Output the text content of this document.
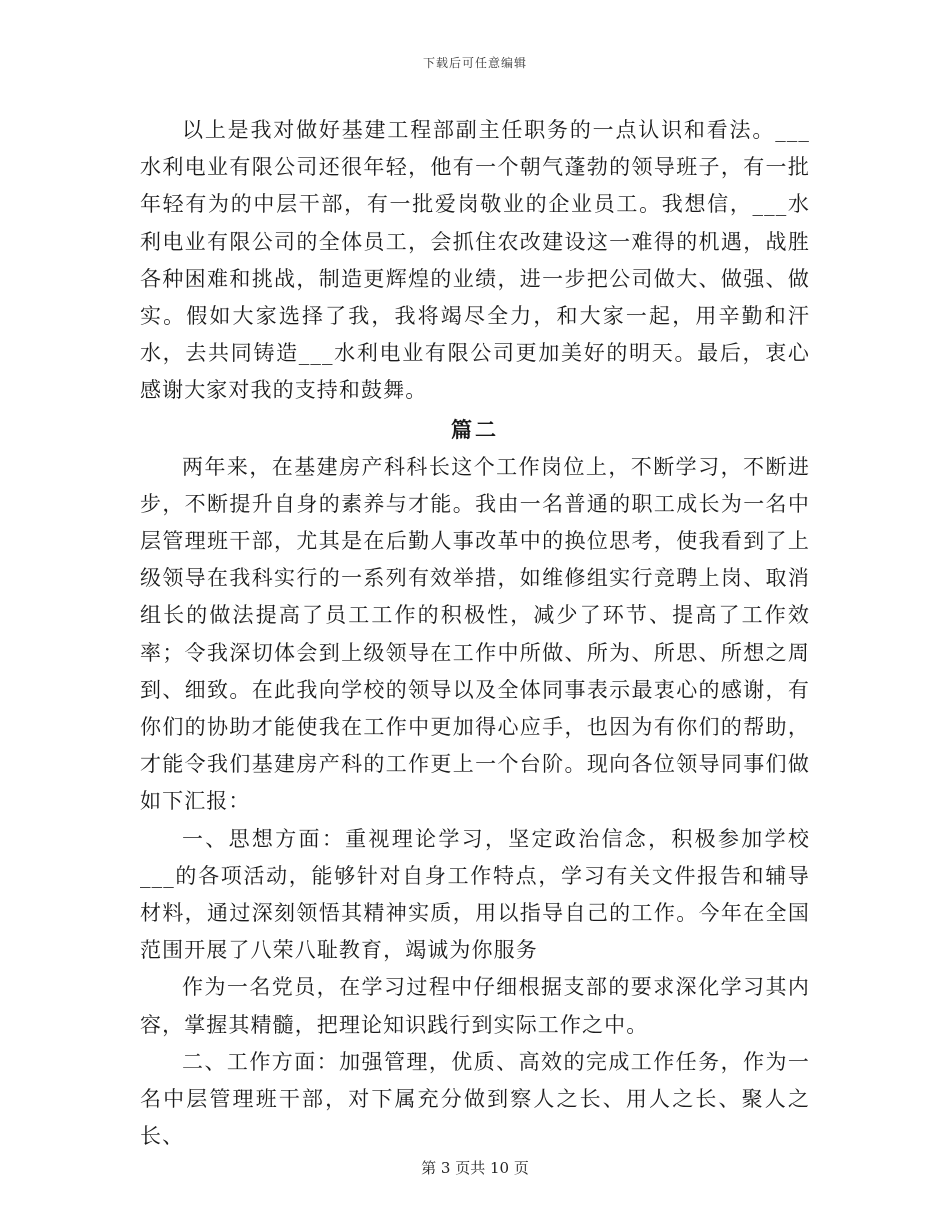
下载后可任意编辑

以上是我对做好基建工程部副主任职务的一点认识和看法。___水利电业有限公司还很年轻，他有一个朝气蓬勃的领导班子，有一批年轻有为的中层干部，有一批爱岗敬业的企业员工。我想信，___水利电业有限公司的全体员工，会抓住农改建设这一难得的机遇，战胜各种困难和挑战，制造更辉煌的业绩，进一步把公司做大、做强、做实。假如大家选择了我，我将竭尽全力，和大家一起，用辛勤和汗水，去共同铸造___水利电业有限公司更加美好的明天。最后，衷心感谢大家对我的支持和鼓舞。

篇二

两年来，在基建房产科科长这个工作岗位上，不断学习，不断进步，不断提升自身的素养与才能。我由一名普通的职工成长为一名中层管理班干部，尤其是在后勤人事改革中的换位思考，使我看到了上级领导在我科实行的一系列有效举措，如维修组实行竞聘上岗、取消组长的做法提高了员工工作的积极性，减少了环节、提高了工作效率；令我深切体会到上级领导在工作中所做、所为、所思、所想之周到、细致。在此我向学校的领导以及全体同事表示最衷心的感谢，有你们的协助才能使我在工作中更加得心应手，也因为有你们的帮助，才能令我们基建房产科的工作更上一个台阶。现向各位领导同事们做如下汇报：

一、思想方面：重视理论学习，坚定政治信念，积极参加学校___的各项活动，能够针对自身工作特点，学习有关文件报告和辅导材料，通过深刻领悟其精神实质，用以指导自己的工作。今年在全国范围开展了八荣八耻教育，竭诚为你服务

作为一名党员，在学习过程中仔细根据支部的要求深化学习其内容，掌握其精髓，把理论知识践行到实际工作之中。

二、工作方面：加强管理，优质、高效的完成工作任务，作为一名中层管理班干部，对下属充分做到察人之长、用人之长、聚人之长、

第 3 页共 10 页
